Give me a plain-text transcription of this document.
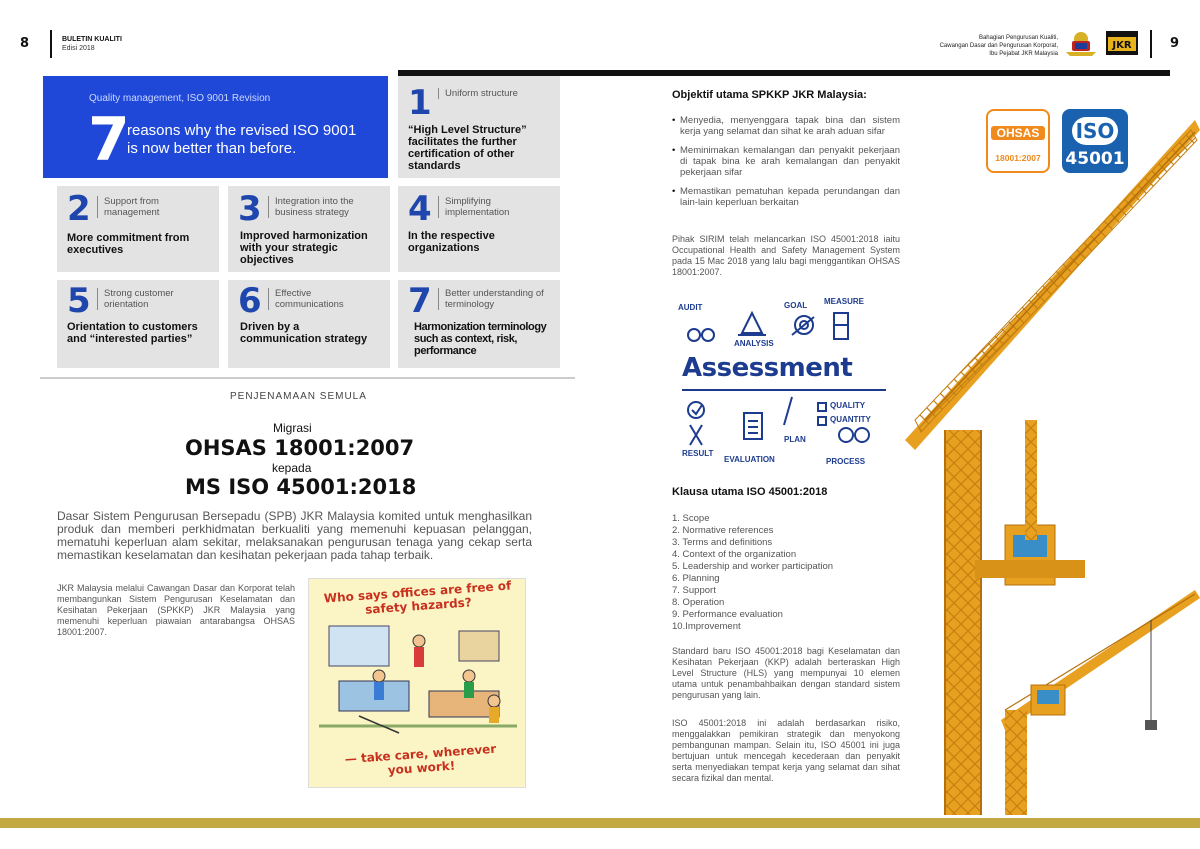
8	BULETIN KUALITI
Edisi 2018
Bahagian Pengurusan Kualiti,
Cawangan Dasar dan Pengurusan Korporat,
Ibu Pejabat JKR Malaysia
JKR	9
Quality management, ISO 9001 Revision
7
reasons why the revised ISO 9001
is now better than before.
1	Uniform structure
“High Level Structure” facilitates the further certification of other standards
2	Support from management
More commitment from executives
3	Integration into the business strategy
Improved harmonization with your strategic objectives
4	Simplifying implementation
In the respective organizations
5	Strong customer orientation
Orientation to customers and “interested parties”
6	Effective communications
Driven by a communication strategy
7	Better understanding of terminology
Harmonization terminology such as context, risk, performance
PENJENAMAAN SEMULA
Migrasi
OHSAS 18001:2007
kepada
MS ISO 45001:2018
Dasar Sistem Pengurusan Bersepadu (SPB) JKR Malaysia komited untuk menghasilkan produk dan memberi perkhidmatan berkualiti yang memenuhi kepuasan pelanggan, mematuhi keperluan alam sekitar, melaksanakan pengurusan tenaga yang cekap serta memastikan keselamatan dan kesihatan pekerjaan pada tahap terbaik.
JKR Malaysia melalui Cawangan Dasar dan Korporat telah membangunkan Sistem Pengurusan Keselamatan dan Kesihatan Pekerjaan (SPKKP) JKR Malaysia yang memenuhi keperluan piawaian antarabangsa OHSAS 18001:2007.
Who says offices are free of safety hazards?
— take care, wherever you work!
Objektif utama SPKKP JKR Malaysia:
• Menyedia, menyenggara tapak bina dan sistem kerja yang selamat dan sihat ke arah aduan sifar
• Meminimakan kemalangan dan penyakit pekerjaan di tapak bina ke arah kemalangan dan penyakit pekerjaan sifar
• Memastikan pematuhan kepada perundangan dan lain-lain keperluan berkaitan
Pihak SIRIM telah melancarkan ISO 45001:2018 iaitu Occupational Health and Safety Management System pada 15 Mac 2018 yang lalu bagi menggantikan OHSAS 18001:2007.
OHSAS
18001:2007
ISO
45001
Assessment
AUDIT	GOAL MEASURE
ANALYSIS
QUALITY
QUANTITY
RESULT
PLAN
EVALUATION	PROCESS
Klausa utama ISO 45001:2018
1. Scope
2. Normative references
3. Terms and definitions
4. Context of the organization
5. Leadership and worker participation
6. Planning
7. Support
8. Operation
9. Performance evaluation
10.Improvement
Standard baru ISO 45001:2018 bagi Keselamatan dan Kesihatan Pekerjaan (KKP) adalah berteraskan High Level Structure (HLS) yang mempunyai 10 elemen utama untuk penambahbaikan dengan standard sistem pengurusan yang lain.
ISO 45001:2018 ini adalah berdasarkan risiko, menggalakkan pemikiran strategik dan menyokong pembangunan mampan. Selain itu, ISO 45001 ini juga bertujuan untuk mencegah kecederaan dan penyakit serta menyediakan tempat kerja yang selamat dan sihat secara fizikal dan mental.
